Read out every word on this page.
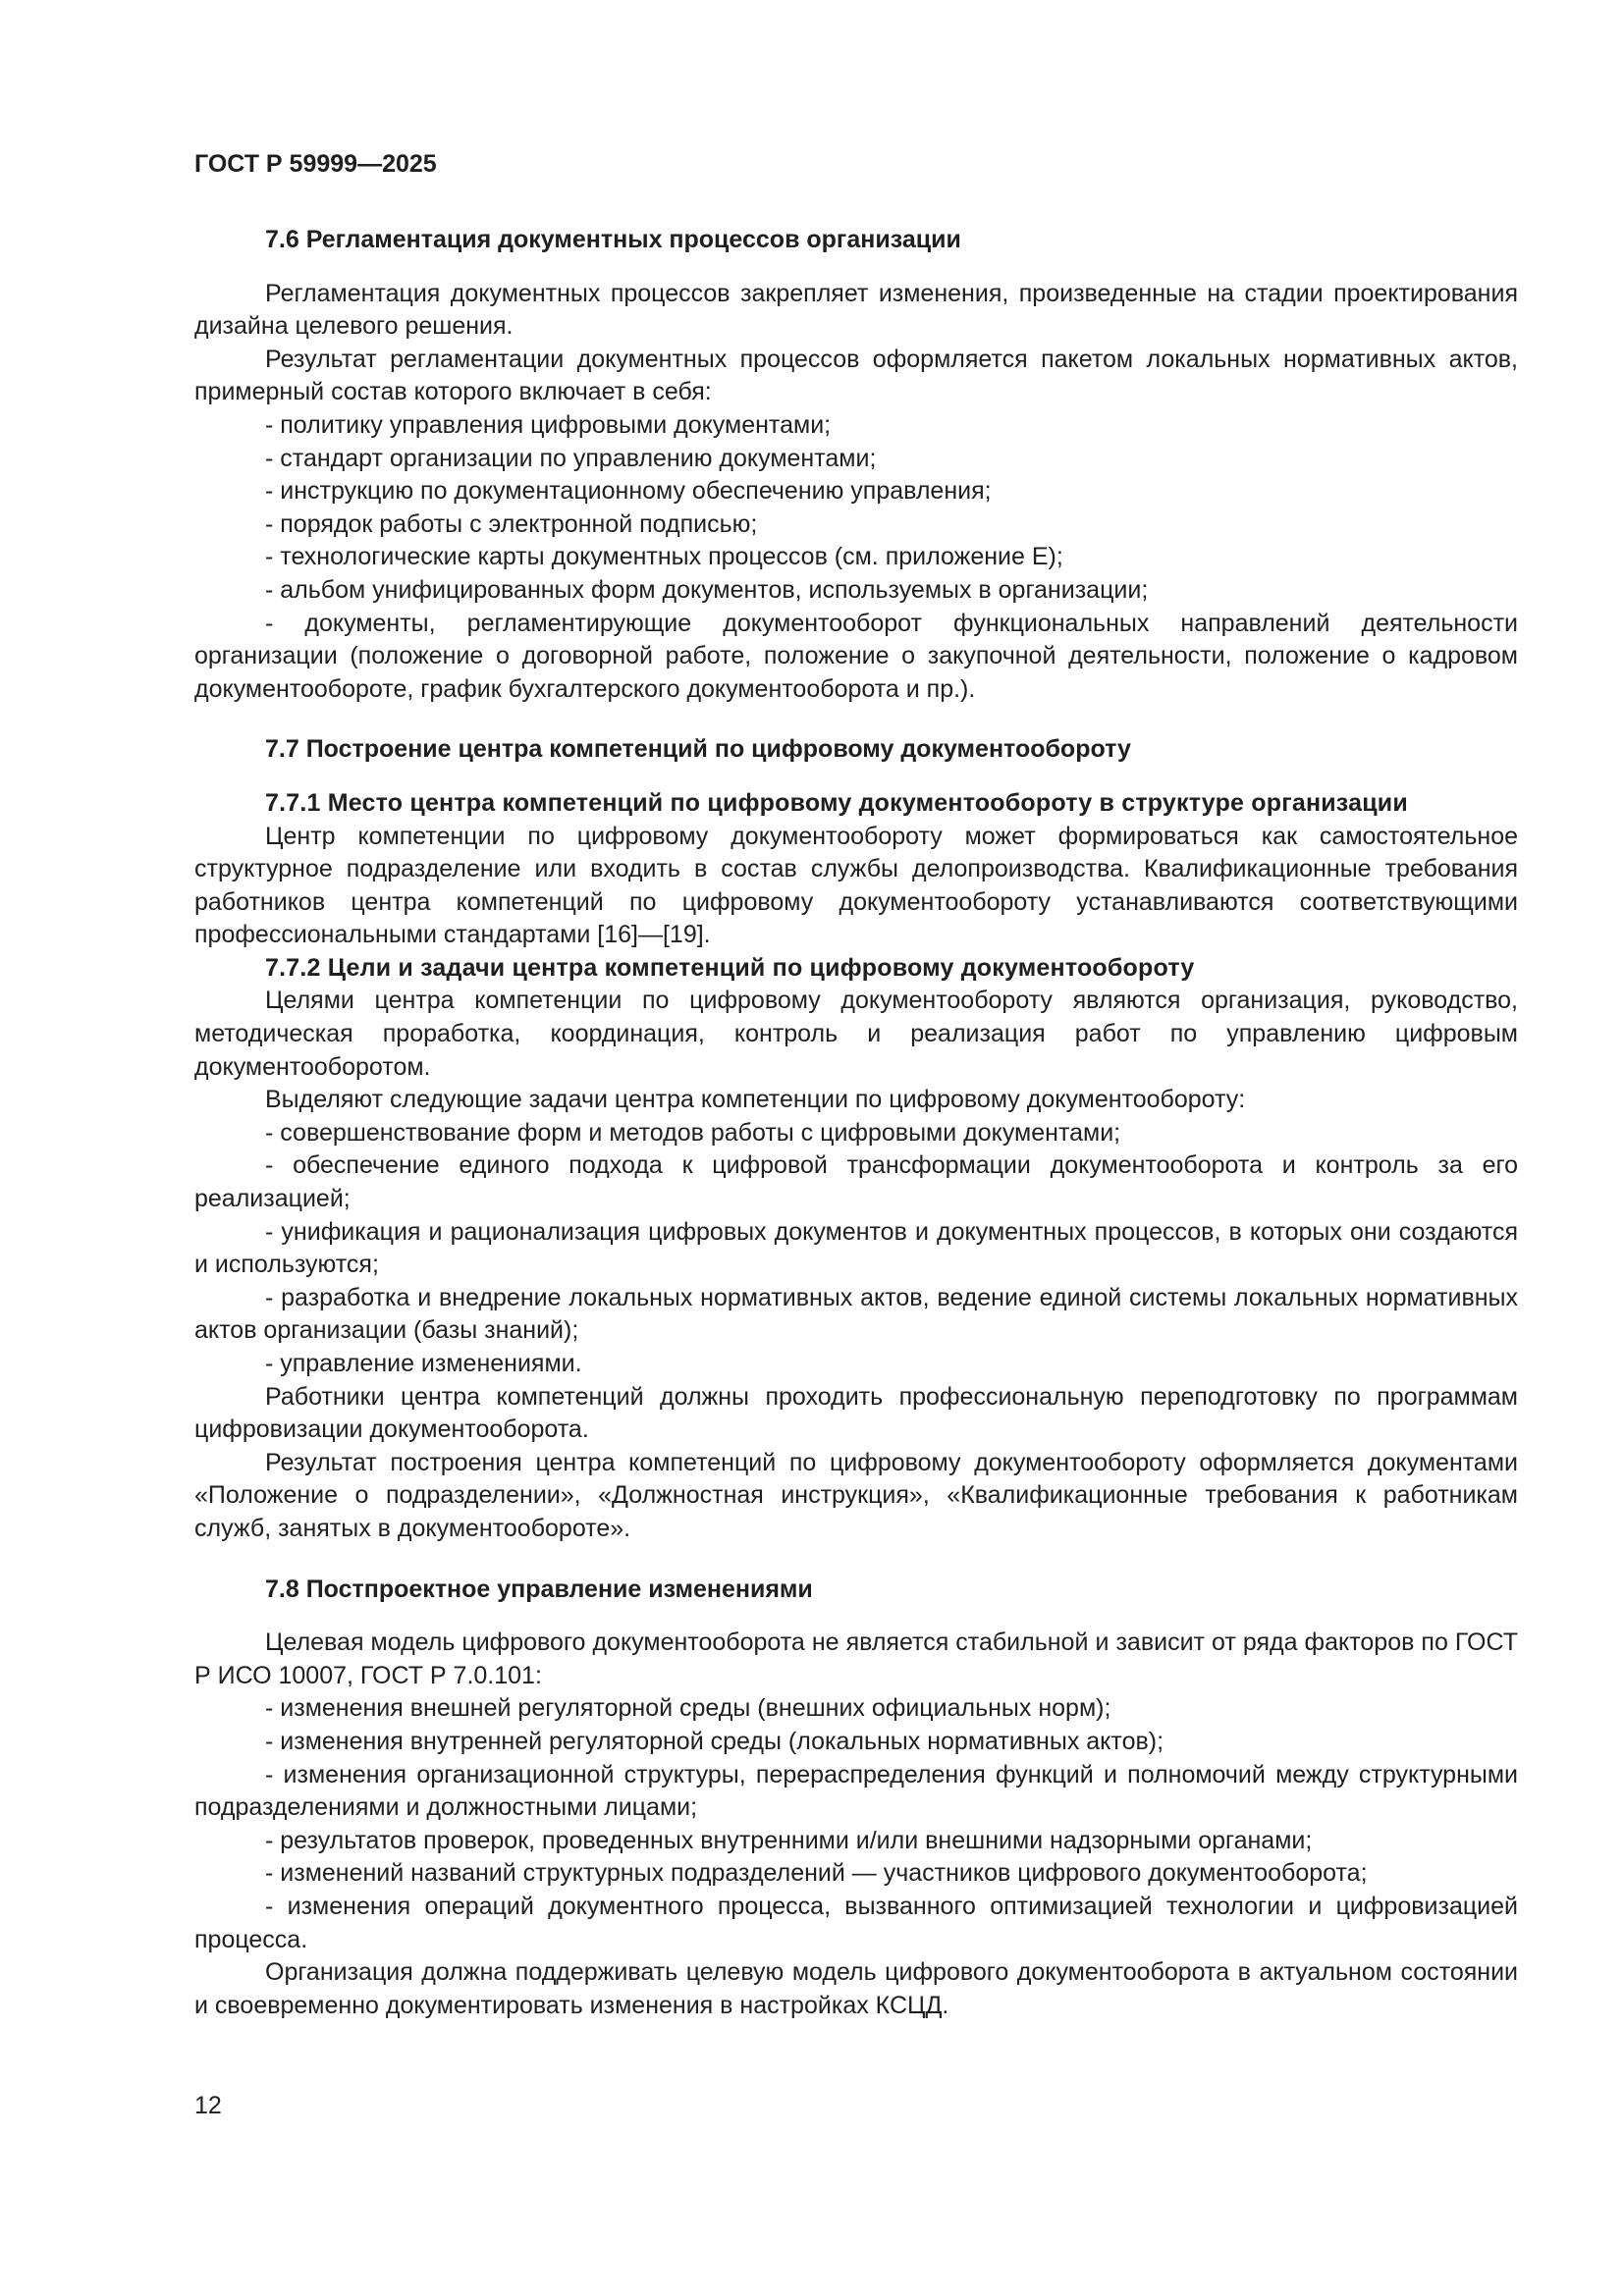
ГОСТ Р 59999—2025
7.6 Регламентация документных процессов организации

Регламентация документных процессов закрепляет изменения, произведенные на стадии проектирования дизайна целевого решения.

Результат регламентации документных процессов оформляется пакетом локальных нормативных актов, примерный состав которого включает в себя:

- политику управления цифровыми документами;

- стандарт организации по управлению документами;

- инструкцию по документационному обеспечению управления;

- порядок работы с электронной подписью;

- технологические карты документных процессов (см. приложение Е);

- альбом унифицированных форм документов, используемых в организации;

- документы, регламентирующие документооборот функциональных направлений деятельности организации (положение о договорной работе, положение о закупочной деятельности, положение о кадровом документообороте, график бухгалтерского документооборота и пр.).

7.7 Построение центра компетенций по цифровому документообороту
7.7.1 Место центра компетенций по цифровому документообороту в структуре организации

Центр компетенции по цифровому документообороту может формироваться как самостоятельное структурное подразделение или входить в состав службы делопроизводства. Квалификационные требования работников центра компетенций по цифровому документообороту устанавливаются соответствующими профессиональными стандартами [16]—[19].

7.7.2 Цели и задачи центра компетенций по цифровому документообороту

Целями центра компетенции по цифровому документообороту являются организация, руководство, методическая проработка, координация, контроль и реализация работ по управлению цифровым документооборотом.

Выделяют следующие задачи центра компетенции по цифровому документообороту:

- совершенствование форм и методов работы с цифровыми документами;

- обеспечение единого подхода к цифровой трансформации документооборота и контроль за его реализацией;

- унификация и рационализация цифровых документов и документных процессов, в которых они создаются и используются;

- разработка и внедрение локальных нормативных актов, ведение единой системы локальных нормативных актов организации (базы знаний);

- управление изменениями.

Работники центра компетенций должны проходить профессиональную переподготовку по программам цифровизации документооборота.

Результат построения центра компетенций по цифровому документообороту оформляется документами «Положение о подразделении», «Должностная инструкция», «Квалификационные требования к работникам служб, занятых в документообороте».

7.8 Постпроектное управление изменениями

Целевая модель цифрового документооборота не является стабильной и зависит от ряда факторов по ГОСТ Р ИСО 10007, ГОСТ Р 7.0.101:

- изменения внешней регуляторной среды (внешних официальных норм);

- изменения внутренней регуляторной среды (локальных нормативных актов);

- изменения организационной структуры, перераспределения функций и полномочий между структурными подразделениями и должностными лицами;

- результатов проверок, проведенных внутренними и/или внешними надзорными органами;

- изменений названий структурных подразделений — участников цифрового документооборота;

- изменения операций документного процесса, вызванного оптимизацией технологии и цифровизацией процесса.

Организация должна поддерживать целевую модель цифрового документооборота в актуальном состоянии и своевременно документировать изменения в настройках КСЦД.

12
